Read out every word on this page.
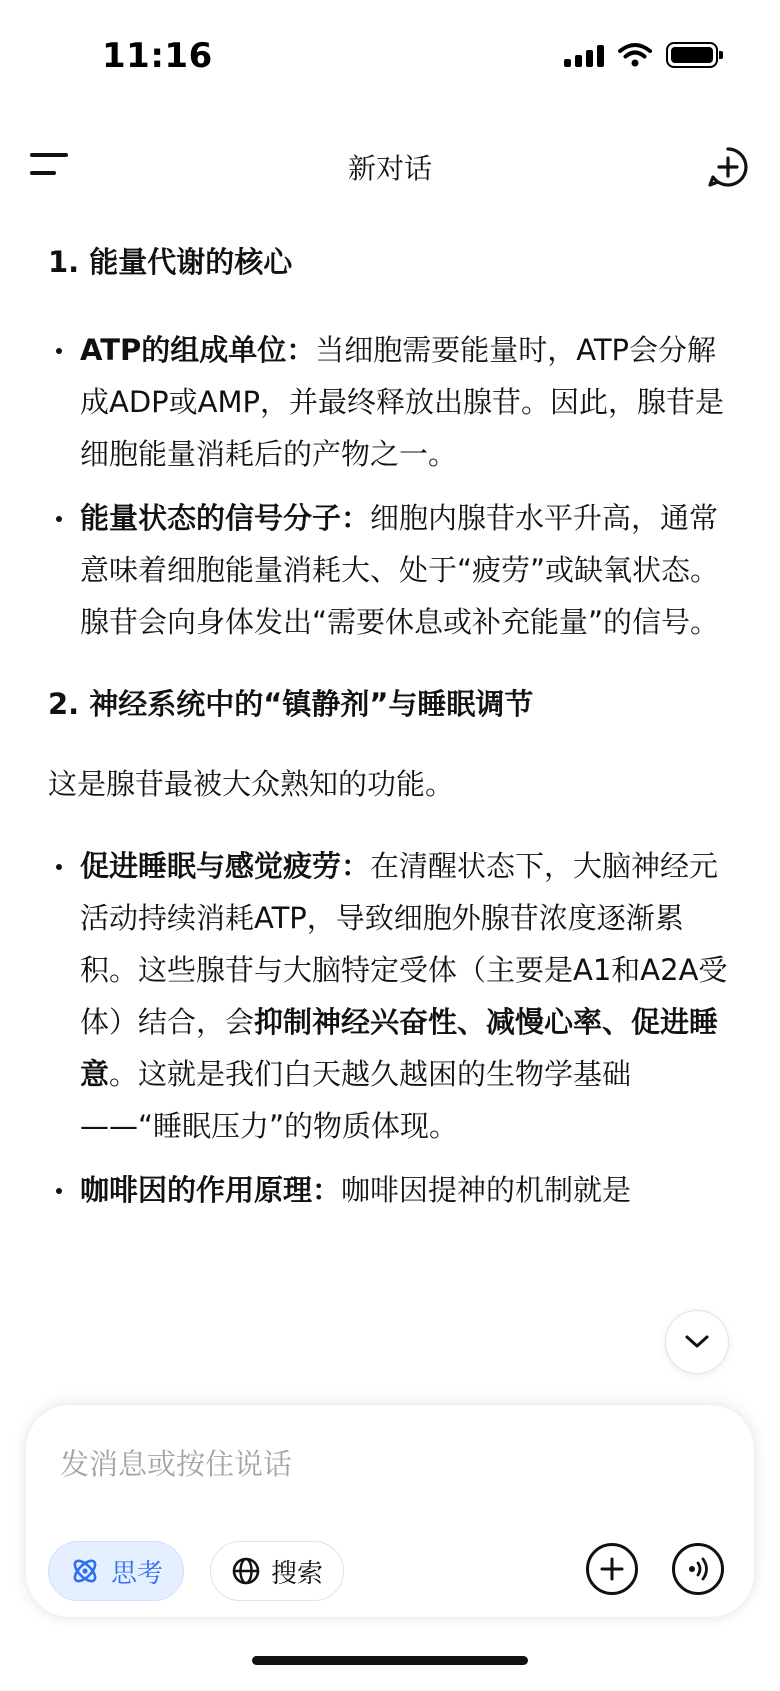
11:16
新对话
1. 能量代谢的核心
ATP的组成单位：当细胞需要能量时，ATP会分解成ADP或AMP，并最终释放出腺苷。因此，腺苷是细胞能量消耗后的产物之一。
能量状态的信号分子：细胞内腺苷水平升高，通常意味着细胞能量消耗大、处于“疲劳”或缺氧状态。腺苷会向身体发出“需要休息或补充能量”的信号。
2. 神经系统中的“镇静剂”与睡眠调节
这是腺苷最被大众熟知的功能。
促进睡眠与感觉疲劳：在清醒状态下，大脑神经元活动持续消耗ATP，导致细胞外腺苷浓度逐渐累积。这些腺苷与大脑特定受体（主要是A1和A2A受体）结合，会抑制神经兴奋性、减慢心率、促进睡意。这就是我们白天越久越困的生物学基础——“睡眠压力”的物质体现。
咖啡因的作用原理：咖啡因提神的机制就是
发消息或按住说话
思考	搜索
